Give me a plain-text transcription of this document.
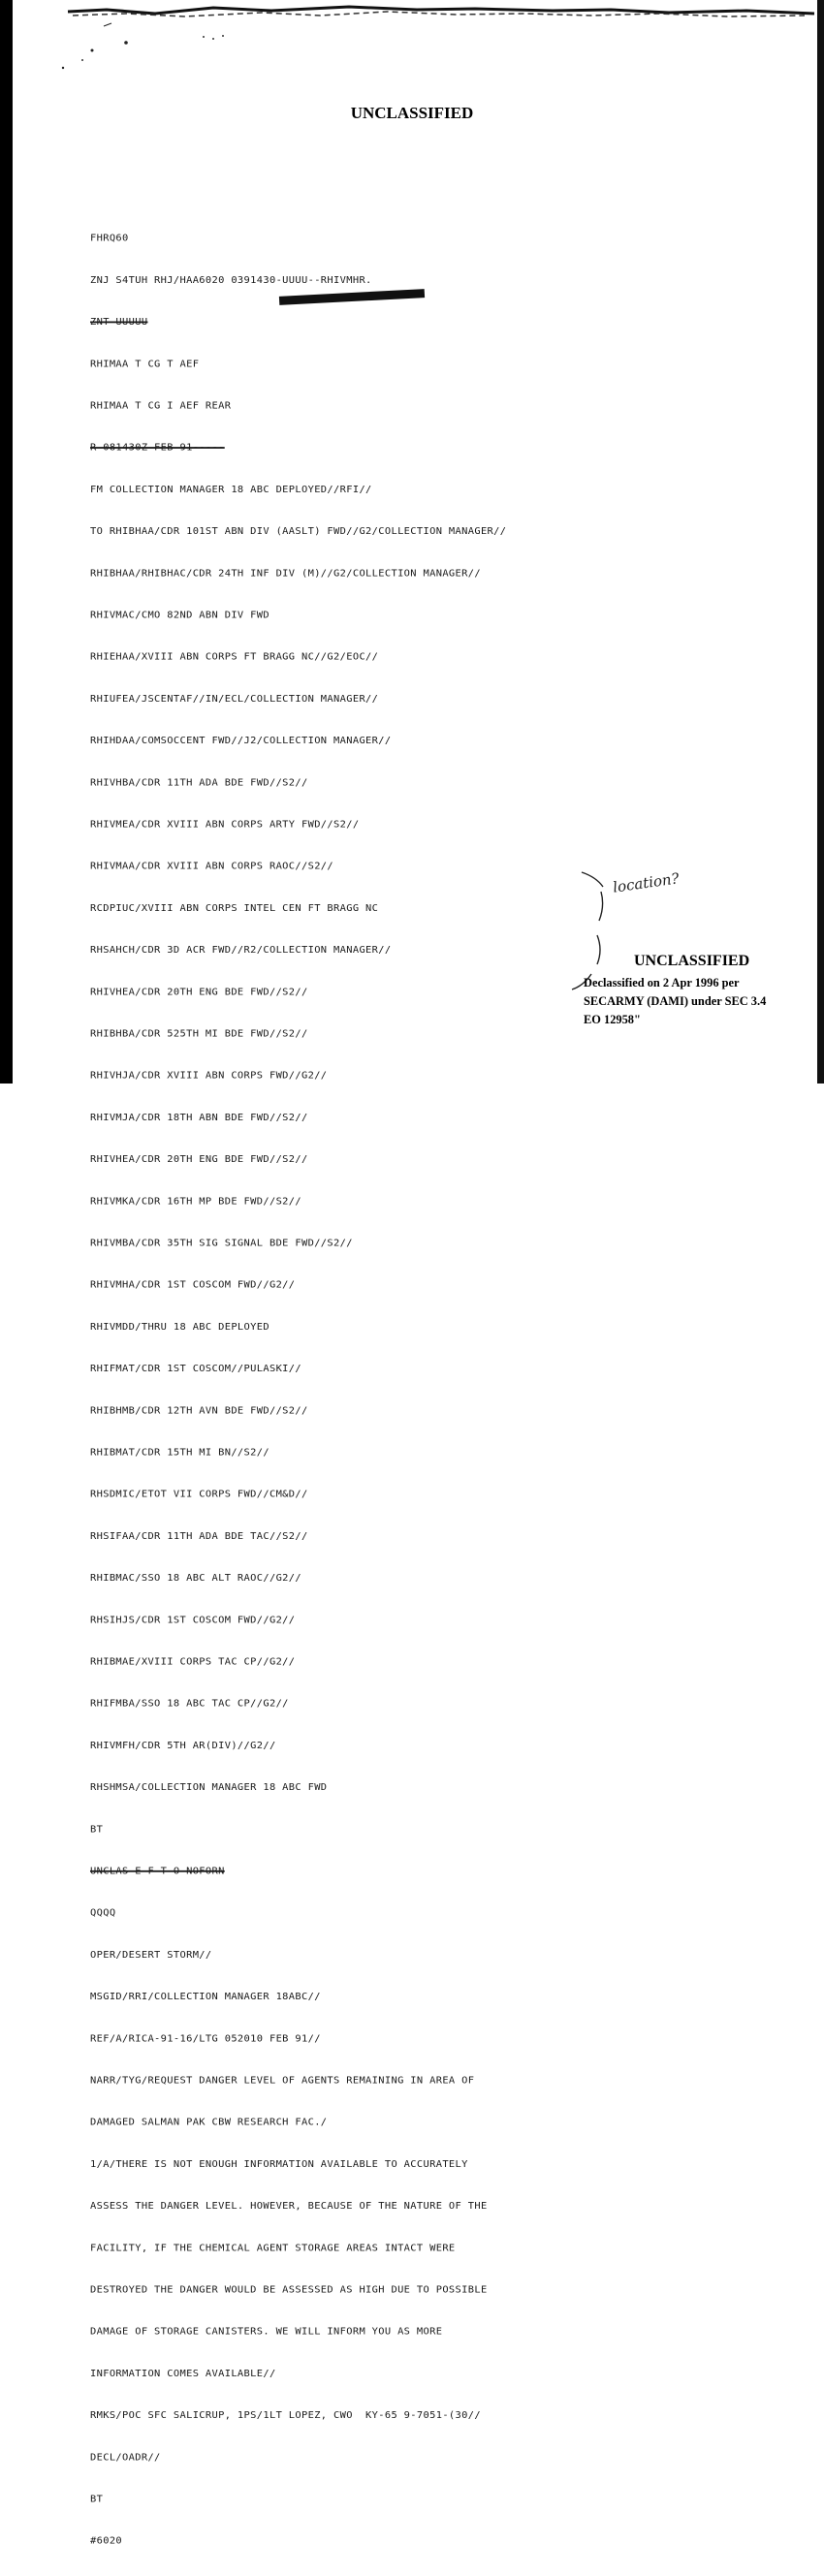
UNCLASSIFIED

FHRQ60

ZNJ S4TUH RHJ/HAA6020 0391430-UUUU--RHIVMHR.

ZNT UUUUU

RHIMAA T CG T AEF

RHIMAA T CG I AEF REAR

R 081430Z FEB 91-----

FM COLLECTION MANAGER 18 ABC DEPLOYED//RFI//

TO RHIBHAA/CDR 101ST ABN DIV (AASLT) FWD//G2/COLLECTION MANAGER//

RHIBHAA/RHIBHAC/CDR 24TH INF DIV (M)//G2/COLLECTION MANAGER//

RHIVMAC/CMO 82ND ABN DIV FWD

RHIEHAA/XVIII ABN CORPS FT BRAGG NC//G2/EOC//

RHIUFEA/JSCENTAF//IN/ECL/COLLECTION MANAGER//

RHIHDAA/COMSOCCENT FWD//J2/COLLECTION MANAGER//

RHIVHBA/CDR 11TH ADA BDE FWD//S2//

RHIVMEA/CDR XVIII ABN CORPS ARTY FWD//S2//

RHIVMAA/CDR XVIII ABN CORPS RAOC//S2//

RCDPIUC/XVIII ABN CORPS INTEL CEN FT BRAGG NC

RHSAHCH/CDR 3D ACR FWD//R2/COLLECTION MANAGER//

RHIVHEA/CDR 20TH ENG BDE FWD//S2//

RHIBHBA/CDR 525TH MI BDE FWD//S2//

RHIVHJA/CDR XVIII ABN CORPS FWD//G2//

RHIVMJA/CDR 18TH ABN BDE FWD//S2//

RHIVHEA/CDR 20TH ENG BDE FWD//S2//

RHIVMKA/CDR 16TH MP BDE FWD//S2//

RHIVMBA/CDR 35TH SIG SIGNAL BDE FWD//S2//

RHIVMHA/CDR 1ST COSCOM FWD//G2//

RHIVMDD/THRU 18 ABC DEPLOYED

RHIFMAT/CDR 1ST COSCOM//PULASKI//

RHIBHMB/CDR 12TH AVN BDE FWD//S2//

RHIBMAT/CDR 15TH MI BN//S2//

RHSDMIC/ETOT VII CORPS FWD//CM&D//

RHSIFAA/CDR 11TH ADA BDE TAC//S2//

RHIBMAC/SSO 18 ABC ALT RAOC//G2//

RHSIHJS/CDR 1ST COSCOM FWD//G2//

RHIBMAE/XVIII CORPS TAC CP//G2//

RHIFMBA/SSO 18 ABC TAC CP//G2//

RHIVMFH/CDR 5TH AR(DIV)//G2//

RHSHMSA/COLLECTION MANAGER 18 ABC FWD

BT

UNCLAS E F T O NOFORN

QQQQ

OPER/DESERT STORM//

MSGID/RRI/COLLECTION MANAGER 18ABC//

REF/A/RICA-91-16/LTG 052010 FEB 91//

NARR/TYG/REQUEST DANGER LEVEL OF AGENTS REMAINING IN AREA OF

DAMAGED SALMAN PAK CBW RESEARCH FAC./

1/A/THERE IS NOT ENOUGH INFORMATION AVAILABLE TO ACCURATELY

ASSESS THE DANGER LEVEL. HOWEVER, BECAUSE OF THE NATURE OF THE

FACILITY, IF THE CHEMICAL AGENT STORAGE AREAS INTACT WERE

DESTROYED THE DANGER WOULD BE ASSESSED AS HIGH DUE TO POSSIBLE

DAMAGE OF STORAGE CANISTERS. WE WILL INFORM YOU AS MORE

INFORMATION COMES AVAILABLE//

RMKS/POC SFC SALICRUP, 1PS/1LT LOPEZ, CWO  KY-65 9-7051-(30//

DECL/OADR//

BT

#6020

location?
UNCLASSIFIED
Declassified on 2 Apr 1996 per
SECARMY (DAMI) under SEC 3.4
EO 12958"
